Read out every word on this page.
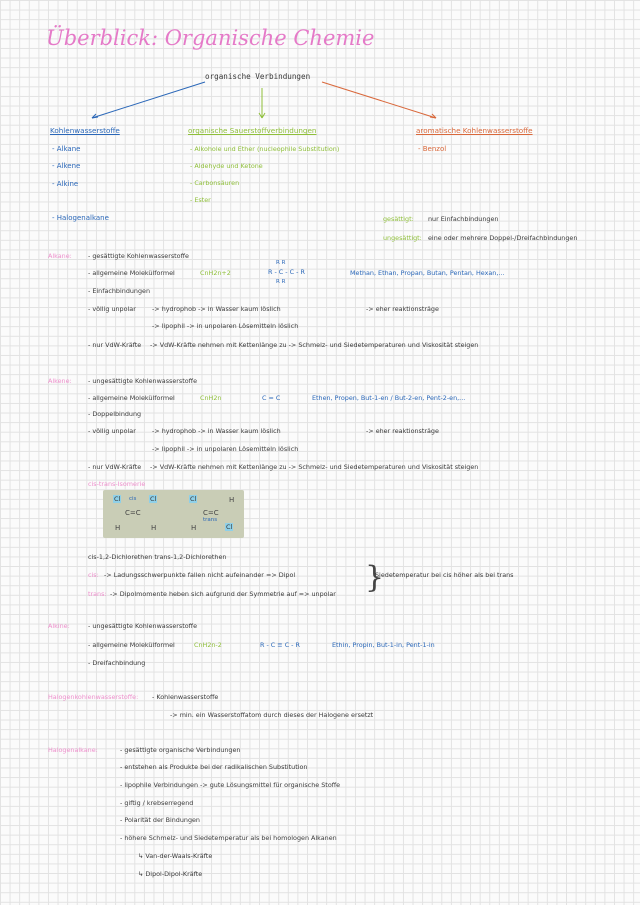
Überblick: Organische Chemie
organische Verbindungen
Kohlenwasserstoffe
- Alkane
- Alkene
- Alkine
- Halogenalkane
organische Sauerstoffverbindungen
- Alkohole und Ether (nucleophile Substitution)
- Aldehyde und Ketone
- Carbonsäuren
- Ester
aromatische Kohlenwasserstoffe
- Benzol
gesättigt: nur Einfachbindungen
ungesättigt: eine oder mehrere Doppel-/Dreifachbindungen
Alkane:	- gesättigte Kohlenwasserstoffe
- allgemeine Molekülformel	CnH2n+2
R R
R - C - C - R
R R
Methan, Ethan, Propan, Butan, Pentan, Hexan,...
- Einfachbindungen
- völlig unpolar	-> hydrophob -> in Wasser kaum löslich	-> eher reaktionsträge
-> lipophil -> in unpolaren Lösemitteln löslich
- nur VdW-Kräfte -> VdW-Kräfte nehmen mit Kettenlänge zu -> Schmelz- und Siedetemperaturen und Viskosität steigen
Alkene:	- ungesättigte Kohlenwasserstoffe
- allgemeine Molekülformel	CnH2n	C = C	Ethen, Propen, But-1-en / But-2-en, Pent-2-en,...
- Doppelbindung
- völlig unpolar	-> hydrophob -> in Wasser kaum löslich	-> eher reaktionsträge
-> lipophil -> in unpolaren Lösemitteln löslich
- nur VdW-Kräfte -> VdW-Kräfte nehmen mit Kettenlänge zu -> Schmelz- und Siedetemperaturen und Viskosität steigen
cis-trans-Isomerie
Cl cis Cl
C=C
H	H
Cl	H
C=C
trans
H	Cl
cis-1,2-Dichlorethen trans-1,2-Dichlorethen
cis: -> Ladungsschwerpunkte fallen nicht aufeinander => Dipol
trans: -> Dipolmomente heben sich aufgrund der Symmetrie auf => unpolar }
Siedetemperatur bei cis höher als bei trans
Alkine:	- ungesättigte Kohlenwasserstoffe
- allgemeine Molekülformel	CnH2n-2	R - C ≡ C - R	Ethin, Propin, But-1-in, Pent-1-in
- Dreifachbindung
Halogenkohlenwasserstoffe: - Kohlenwasserstoffe
-> min. ein Wasserstoffatom durch dieses der Halogene ersetzt
Halogenalkane:	- gesättigte organische Verbindungen
- entstehen als Produkte bei der radikalischen Substitution
- lipophile Verbindungen -> gute Lösungsmittel für organische Stoffe
- giftig / krebserregend
- Polarität der Bindungen
- höhere Schmelz- und Siedetemperatur als bei homologen Alkanen
↳ Van-der-Waals-Kräfte
↳ Dipol-Dipol-Kräfte
